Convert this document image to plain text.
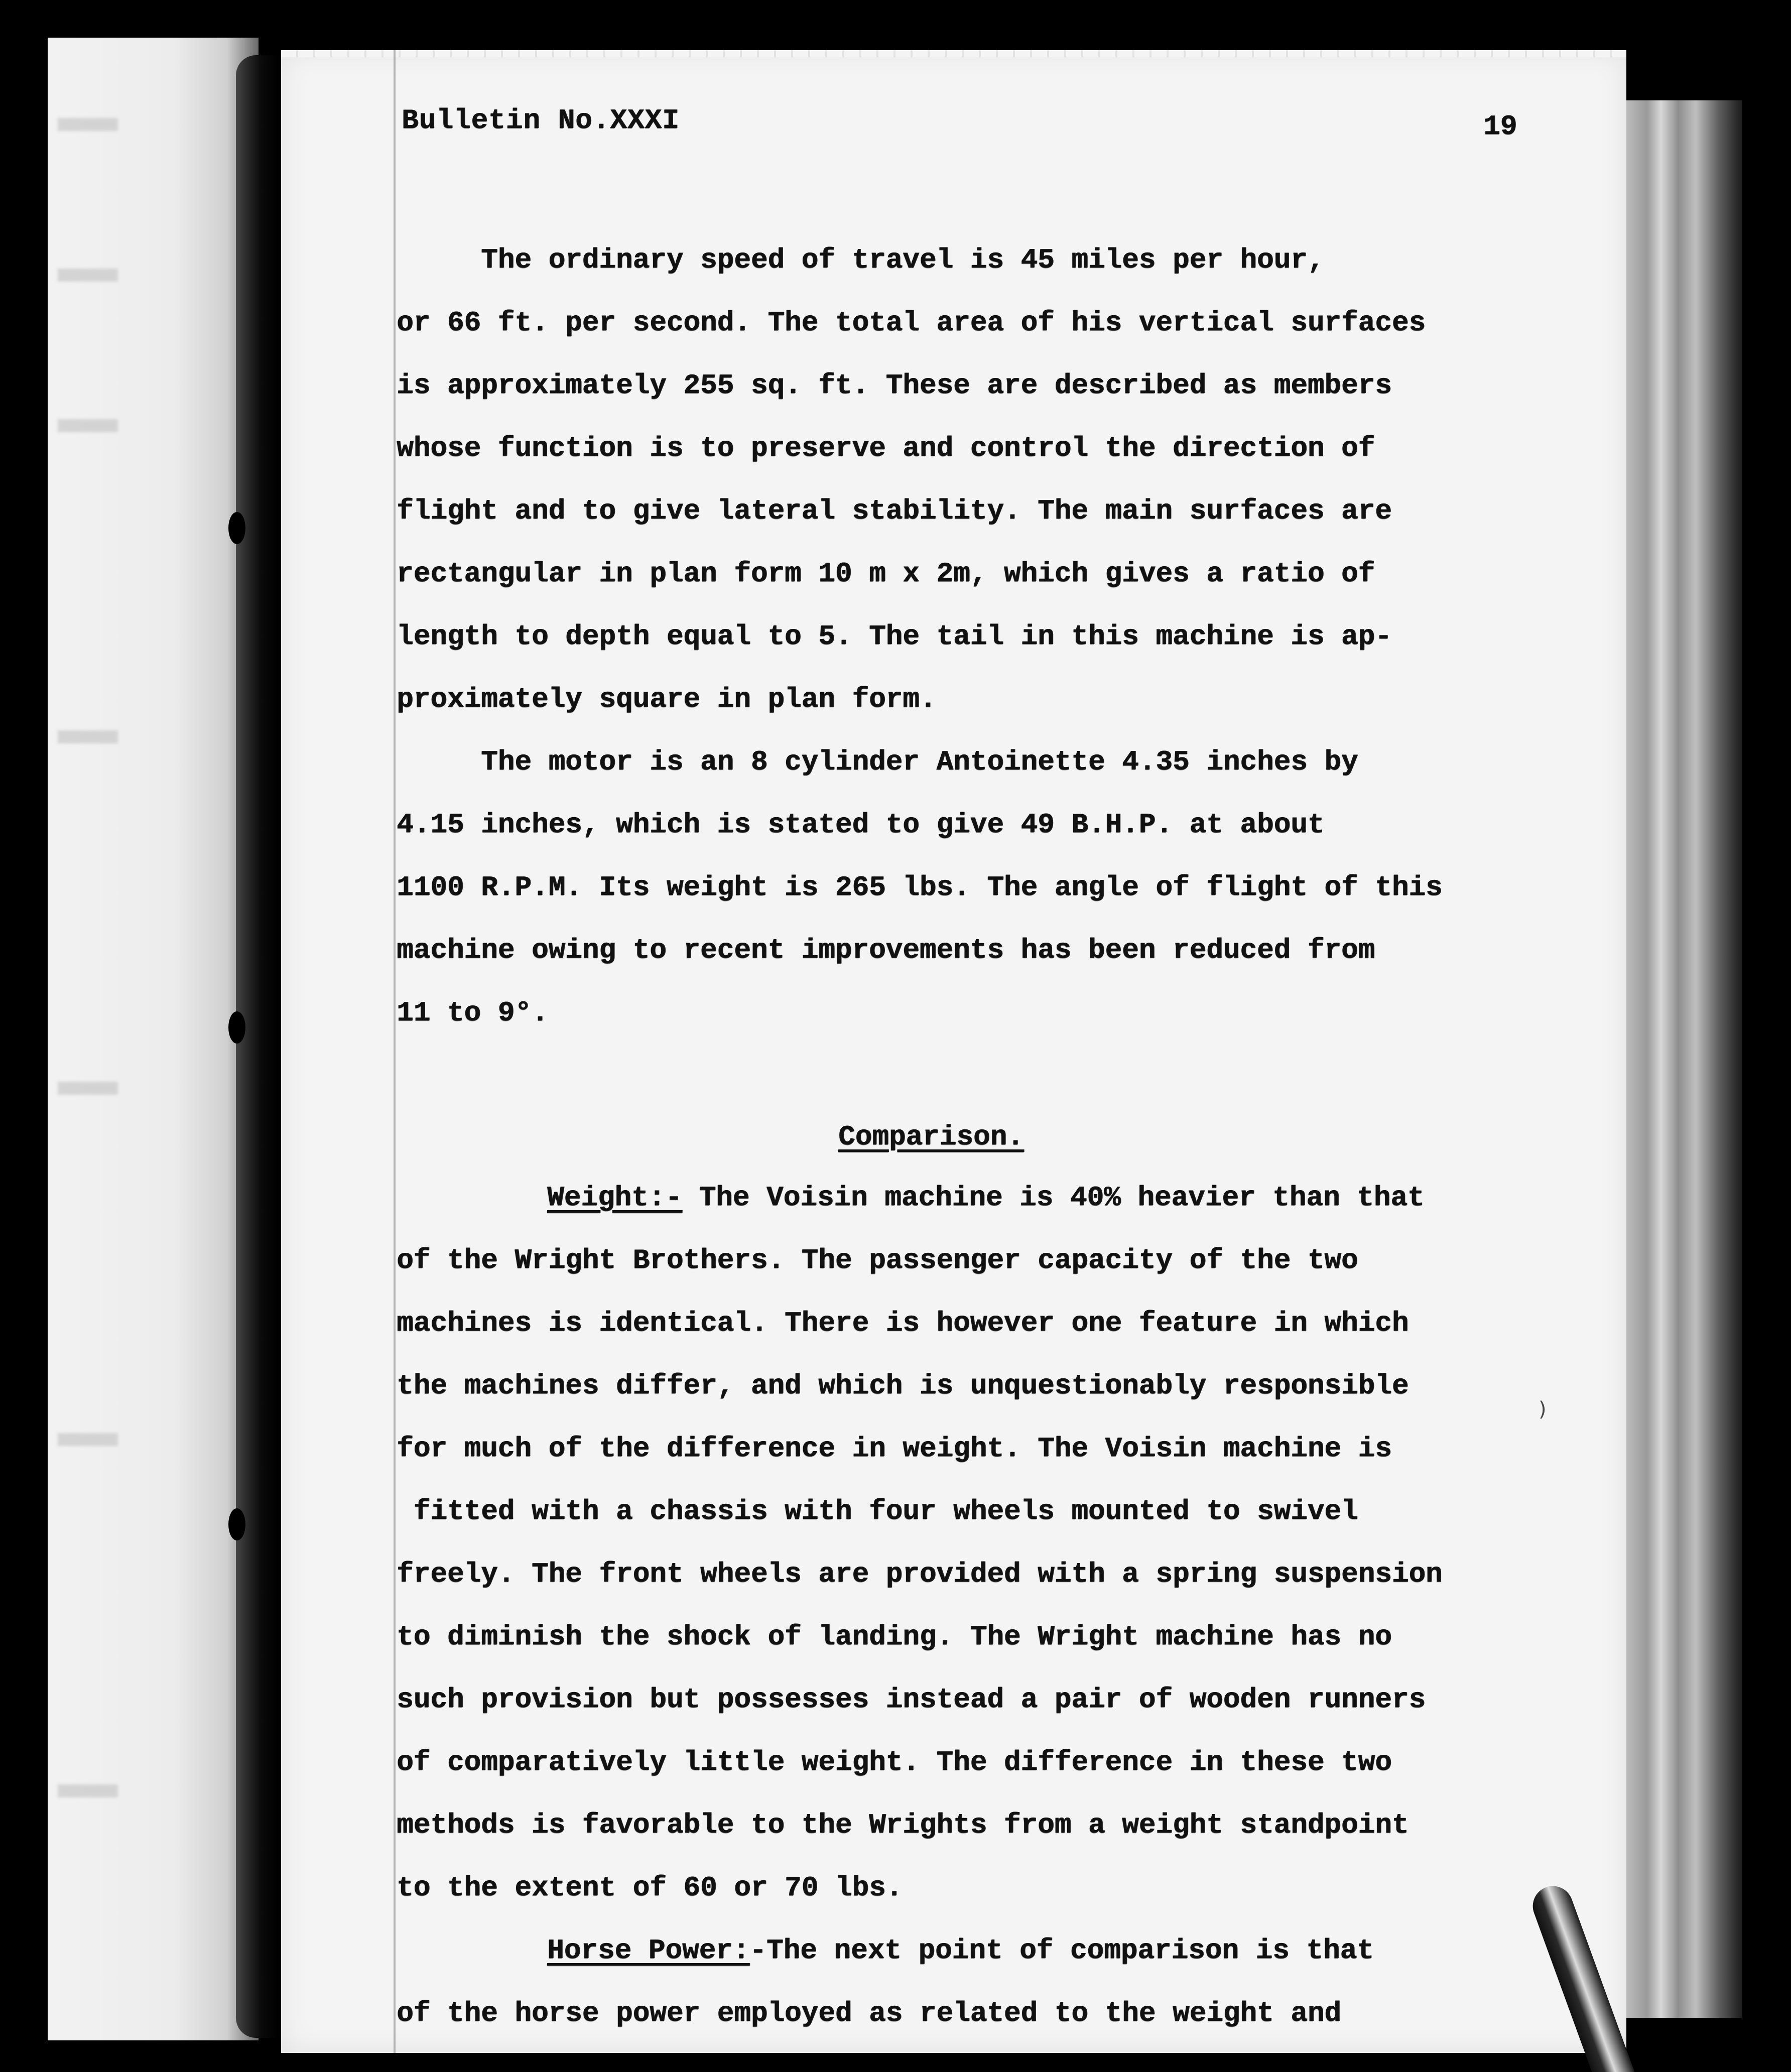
Bulletin No.XXXI	19
The ordinary speed of travel is 45 miles per hour,
or 66 ft. per second. The total area of his vertical surfaces
is approximately 255 sq. ft. These are described as members
whose function is to preserve and control the direction of
flight and to give lateral stability. The main surfaces are
rectangular in plan form 10 m x 2m, which gives a ratio of
length to depth equal to 5. The tail in this machine is ap-
proximately square in plan form.
The motor is an 8 cylinder Antoinette 4.35 inches by
4.15 inches, which is stated to give 49 B.H.P. at about
1100 R.P.M. Its weight is 265 lbs. The angle of flight of this
machine owing to recent improvements has been reduced from
11 to 9°.
Comparison.
Weight:- The Voisin machine is 40% heavier than that
of the Wright Brothers. The passenger capacity of the two
machines is identical. There is however one feature in which
the machines differ, and which is unquestionably responsible
for much of the difference in weight. The Voisin machine is
fitted with a chassis with four wheels mounted to swivel
freely. The front wheels are provided with a spring suspension
to diminish the shock of landing. The Wright machine has no
such provision but possesses instead a pair of wooden runners
of comparatively little weight. The difference in these two
methods is favorable to the Wrights from a weight standpoint
to the extent of 60 or 70 lbs.
Horse Power:-The next point of comparison is that
of the horse power employed as related to the weight and
)
